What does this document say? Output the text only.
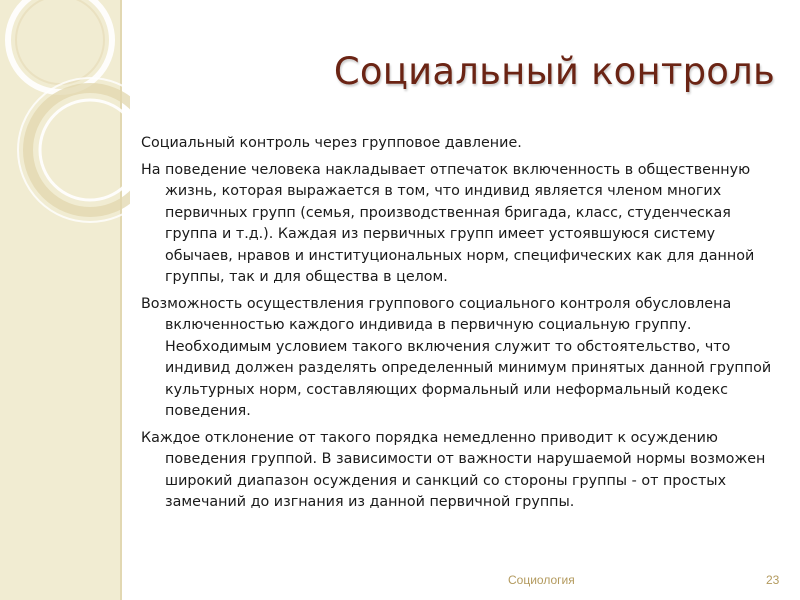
Социальный контроль

Социальный контроль через групповое давление.

На поведение человека накладывает отпечаток включенность в общественную жизнь, которая выражается в том, что индивид является членом многих первичных групп (семья, производственная бригада, класс, студенческая группа и т.д.). Каждая из первичных групп имеет устоявшуюся систему обычаев, нравов и институциональных норм, специфических как для данной группы, так и для общества в целом.

Возможность осуществления группового социального контроля обусловлена включенностью каждого индивида в первичную социальную группу. Необходимым условием такого включения служит то обстоятельство, что индивид должен разделять определенный минимум принятых данной группой культурных норм, составляющих формальный или неформальный кодекс поведения.

Каждое отклонение от такого порядка немедленно приводит к осуждению поведения группой. В зависимости от важности нарушаемой нормы возможен широкий диапазон осуждения и санкций со стороны группы - от простых замечаний до изгнания из данной первичной группы.

Социология	23
